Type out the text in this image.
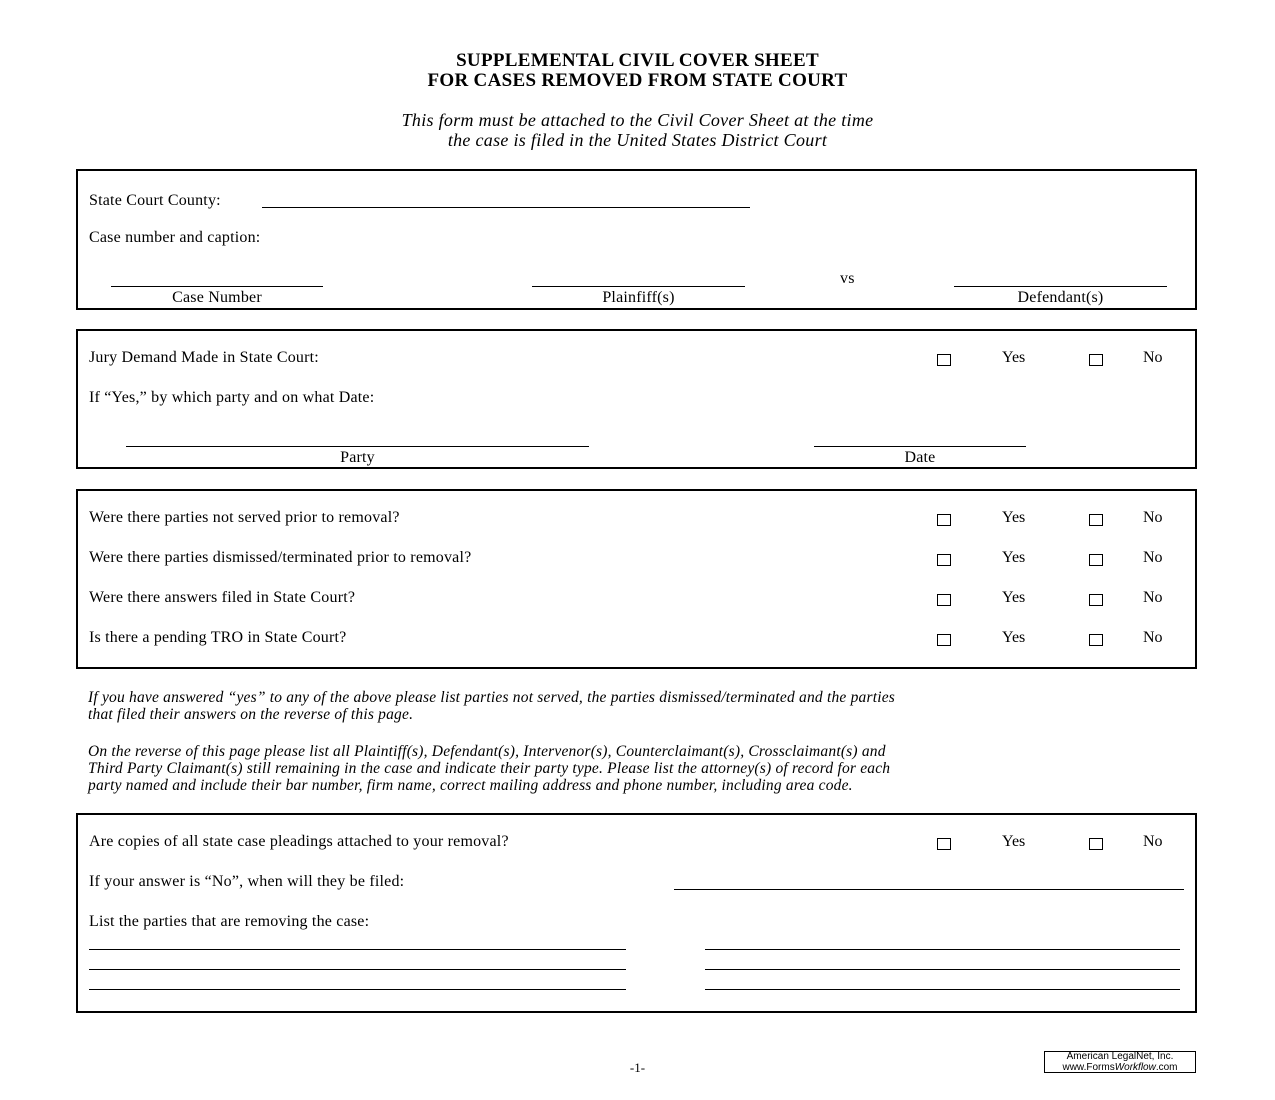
SUPPLEMENTAL CIVIL COVER SHEET
FOR CASES REMOVED FROM STATE COURT
This form must be attached to the Civil Cover Sheet at the time
the case is filed in the United States District Court
State Court County:
Case number and caption:
Case Number	Plainfiff(s)
vs
Defendant(s)
Jury Demand Made in State Court:	Yes	No
If “Yes,” by which party and on what Date:
Party	Date
Were there parties not served prior to removal?	Yes	No
Were there parties dismissed/terminated prior to removal?	Yes	No
Were there answers filed in State Court?	Yes	No
Is there a pending TRO in State Court?	Yes	No
If you have answered “yes” to any of the above please list parties not served, the parties dismissed/terminated and the parties
that filed their answers on the reverse of this page.
On the reverse of this page please list all Plaintiff(s), Defendant(s), Intervenor(s), Counterclaimant(s), Crossclaimant(s) and
Third Party Claimant(s) still remaining in the case and indicate their party type. Please list the attorney(s) of record for each
party named and include their bar number, firm name, correct mailing address and phone number, including area code.
Are copies of all state case pleadings attached to your removal?	Yes	No
If your answer is “No”, when will they be filed:
List the parties that are removing the case:
-1-
American LegalNet, Inc.
www.FormsWorkflow.com
